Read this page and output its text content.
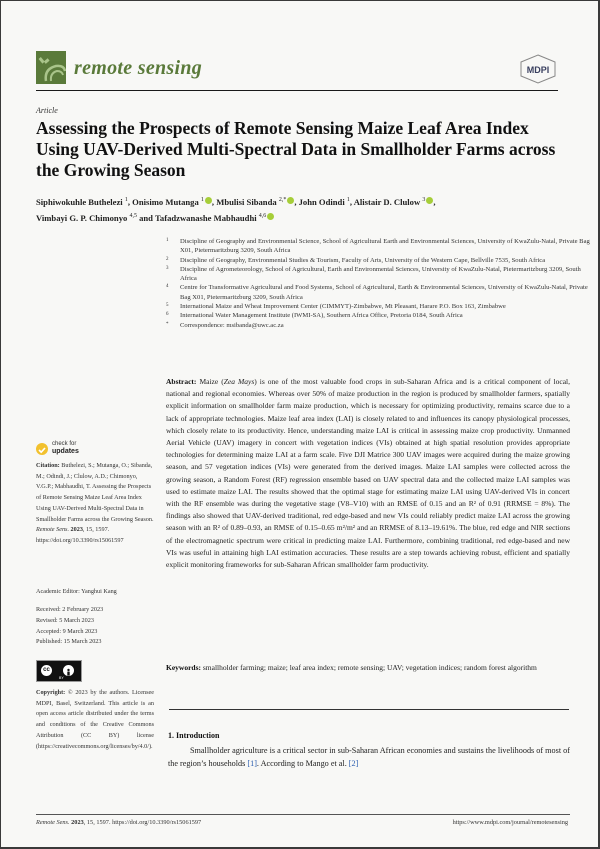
remote sensing	MDPI
Article
Assessing the Prospects of Remote Sensing Maize Leaf Area Index Using UAV-Derived Multi-Spectral Data in Smallholder Farms across the Growing Season
Siphiwokuhle Buthelezi $^1$, Onisimo Mutanga $^1$ , Mbulisi Sibanda $^{2,*}$ , John Odindi $^1$, Alistair D. Clulow $^3$ ,
Vimbayi G. P. Chimonyo $^{4,5}$ and Tafadzwanashe Mabhaudhi $^{4,6}$
1 Discipline of Geography and Environmental Science, School of Agricultural Earth and Environmental Sciences, University of KwaZulu-Natal, Private Bag X01, Pietermaritzburg 3209, South Africa
2 Discipline of Geography, Environmental Studies & Tourism, Faculty of Arts, University of the Western Cape, Bellville 7535, South Africa
3 Discipline of Agrometeorology, School of Agricultural, Earth and Environmental Sciences, University of KwaZulu-Natal, Pietermaritzburg 3209, South Africa
4 Centre for Transformative Agricultural and Food Systems, School of Agricultural, Earth & Environmental Sciences, University of KwaZulu-Natal, Private Bag X01, Pietermaritzburg 3209, South Africa
5 International Maize and Wheat Improvement Center (CIMMYT)-Zimbabwe, Mt Pleasant, Harare P.O. Box 163, Zimbabwe
6 International Water Management Institute (IWMI-SA), Southern Africa Office, Pretoria 0184, South Africa
* Correspondence: msibanda@uwc.ac.za
Abstract: Maize (Zea Mays) is one of the most valuable food crops in sub-Saharan Africa and is a critical component of local, national and regional economies. Whereas over 50% of maize production in the region is produced by smallholder farmers, spatially explicit information on smallholder farm maize production, which is necessary for optimizing productivity, remains scarce due to a lack of appropriate technologies. Maize leaf area index (LAI) is closely related to and influences its canopy physiological processes, which closely relate to its productivity. Hence, understanding maize LAI is critical in assessing maize crop productivity. Unmanned Aerial Vehicle (UAV) imagery in concert with vegetation indices (VIs) obtained at high spatial resolution provides appropriate technologies for determining maize LAI at a farm scale. Five DJI Matrice 300 UAV images were acquired during the maize growing season, and 57 vegetation indices (VIs) were generated from the derived images. Maize LAI samples were collected across the growing season, a Random Forest (RF) regression ensemble based on UAV spectral data and the collected maize LAI samples was used to estimate maize LAI. The results showed that the optimal stage for estimating maize LAI using UAV-derived VIs in concert with the RF ensemble was during the vegetative stage (V8–V10) with an RMSE of 0.15 and an R² of 0.91 (RRMSE = 8%). The findings also showed that UAV-derived traditional, red edge-based and new VIs could reliably predict maize LAI across the growing season with an R² of 0.89–0.93, an RMSE of 0.15–0.65 m²/m² and an RRMSE of 8.13–19.61%. The blue, red edge and NIR sections of the electromagnetic spectrum were critical in predicting maize LAI. Furthermore, combining traditional, red edge-based and new VIs was useful in attaining high LAI estimation accuracies. These results are a step towards achieving robust, efficient and spatially explicit monitoring frameworks for sub-Saharan African smallholder farm productivity.
Keywords: smallholder farming; maize; leaf area index; remote sensing; UAV; vegetation indices; random forest algorithm
1. Introduction
Smallholder agriculture is a critical sector in sub-Saharan African economies and sustains the livelihoods of most of the region’s households [1]. According to Mango et al. [2]
check for
updates
Citation: Buthelezi, S.; Mutanga, O.; Sibanda, M.; Odindi, J.; Clulow, A.D.; Chimonyo, V.G.P.; Mabhaudhi, T. Assessing the Prospects of Remote Sensing Maize Leaf Area Index Using UAV-Derived Multi-Spectral Data in Smallholder Farms across the Growing Season. Remote Sens. 2023, 15, 1597. https://doi.org/10.3390/rs15061597
Academic Editor: Yanghui Kang
Received: 2 February 2023
Revised: 5 March 2023
Accepted: 9 March 2023
Published: 15 March 2023
cc
BY
Copyright: © 2023 by the authors. Licensee MDPI, Basel, Switzerland. This article is an open access article distributed under the terms and conditions of the Creative Commons Attribution (CC BY) license (https://creativecommons.org/licenses/by/4.0/).
Remote Sens. 2023, 15, 1597. https://doi.org/10.3390/rs15061597	https://www.mdpi.com/journal/remotesensing
